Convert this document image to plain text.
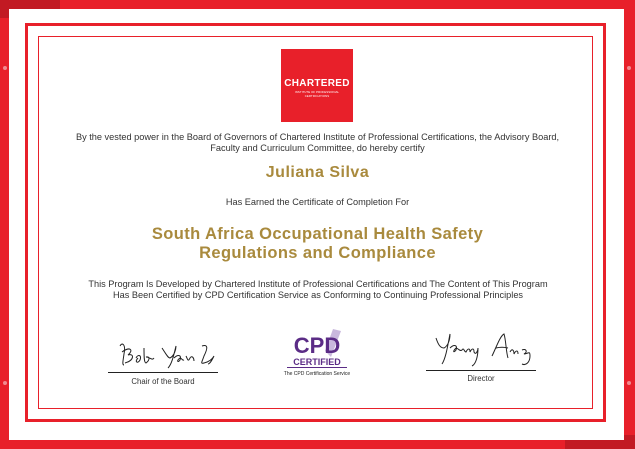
CHARTERED
INSTITUTE OF PROFESSIONAL CERTIFICATIONS
By the vested power in the Board of Governors of Chartered Institute of Professional Certifications, the Advisory Board, Faculty and Curriculum Committee, do hereby certify
Juliana Silva
Has Earned the Certificate of Completion For
South Africa Occupational Health Safety Regulations and Compliance
This Program Is Developed by Chartered Institute of Professional Certifications and The Content of This Program Has Been Certified by CPD Certification Service as Conforming to Continuing Professional Principles
Chair of the Board
CPD
CERTIFIED
The CPD Certification Service	Director
